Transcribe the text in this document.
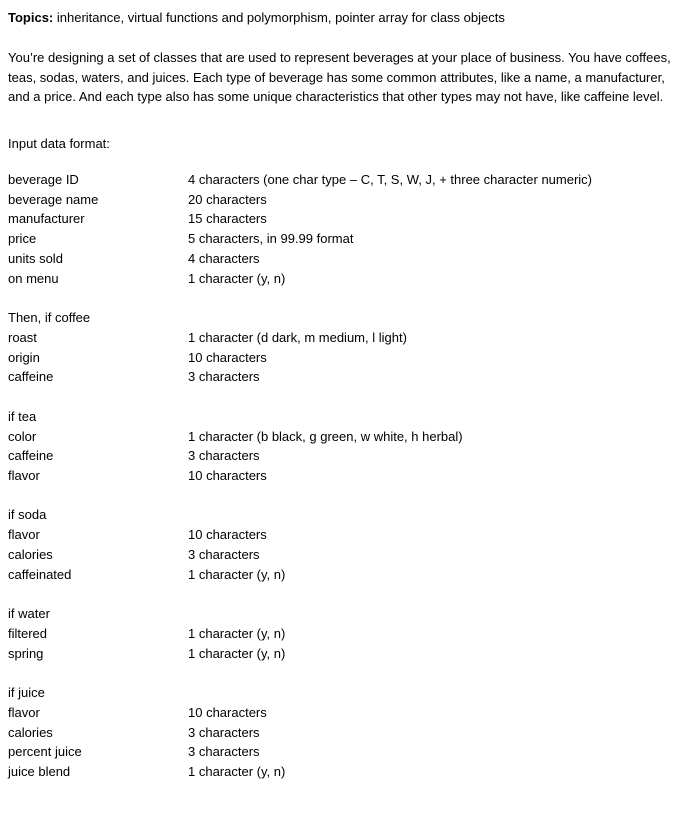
Topics: inheritance, virtual functions and polymorphism, pointer array for class objects
You’re designing a set of classes that are used to represent beverages at your place of business. You have coffees, teas, sodas, waters, and juices. Each type of beverage has some common attributes, like a name, a manufacturer, and a price. And each type also has some unique characteristics that other types may not have, like caffeine level.
Input data format:
beverage ID	4 characters (one char type – C, T, S, W, J, + three character numeric)
beverage name	20 characters
manufacturer	15 characters
price	5 characters, in 99.99 format
units sold	4 characters
on menu	1 character (y, n)
Then, if coffee
roast	1 character (d dark, m medium, l light)
origin	10 characters
caffeine	3 characters
if tea
color	1 character (b black, g green, w white, h herbal)
caffeine	3 characters
flavor	10 characters
if soda
flavor	10 characters
calories	3 characters
caffeinated	1 character (y, n)
if water
filtered	1 character (y, n)
spring	1 character (y, n)
if juice
flavor	10 characters
calories	3 characters
percent juice	3 characters
juice blend	1 character (y, n)
